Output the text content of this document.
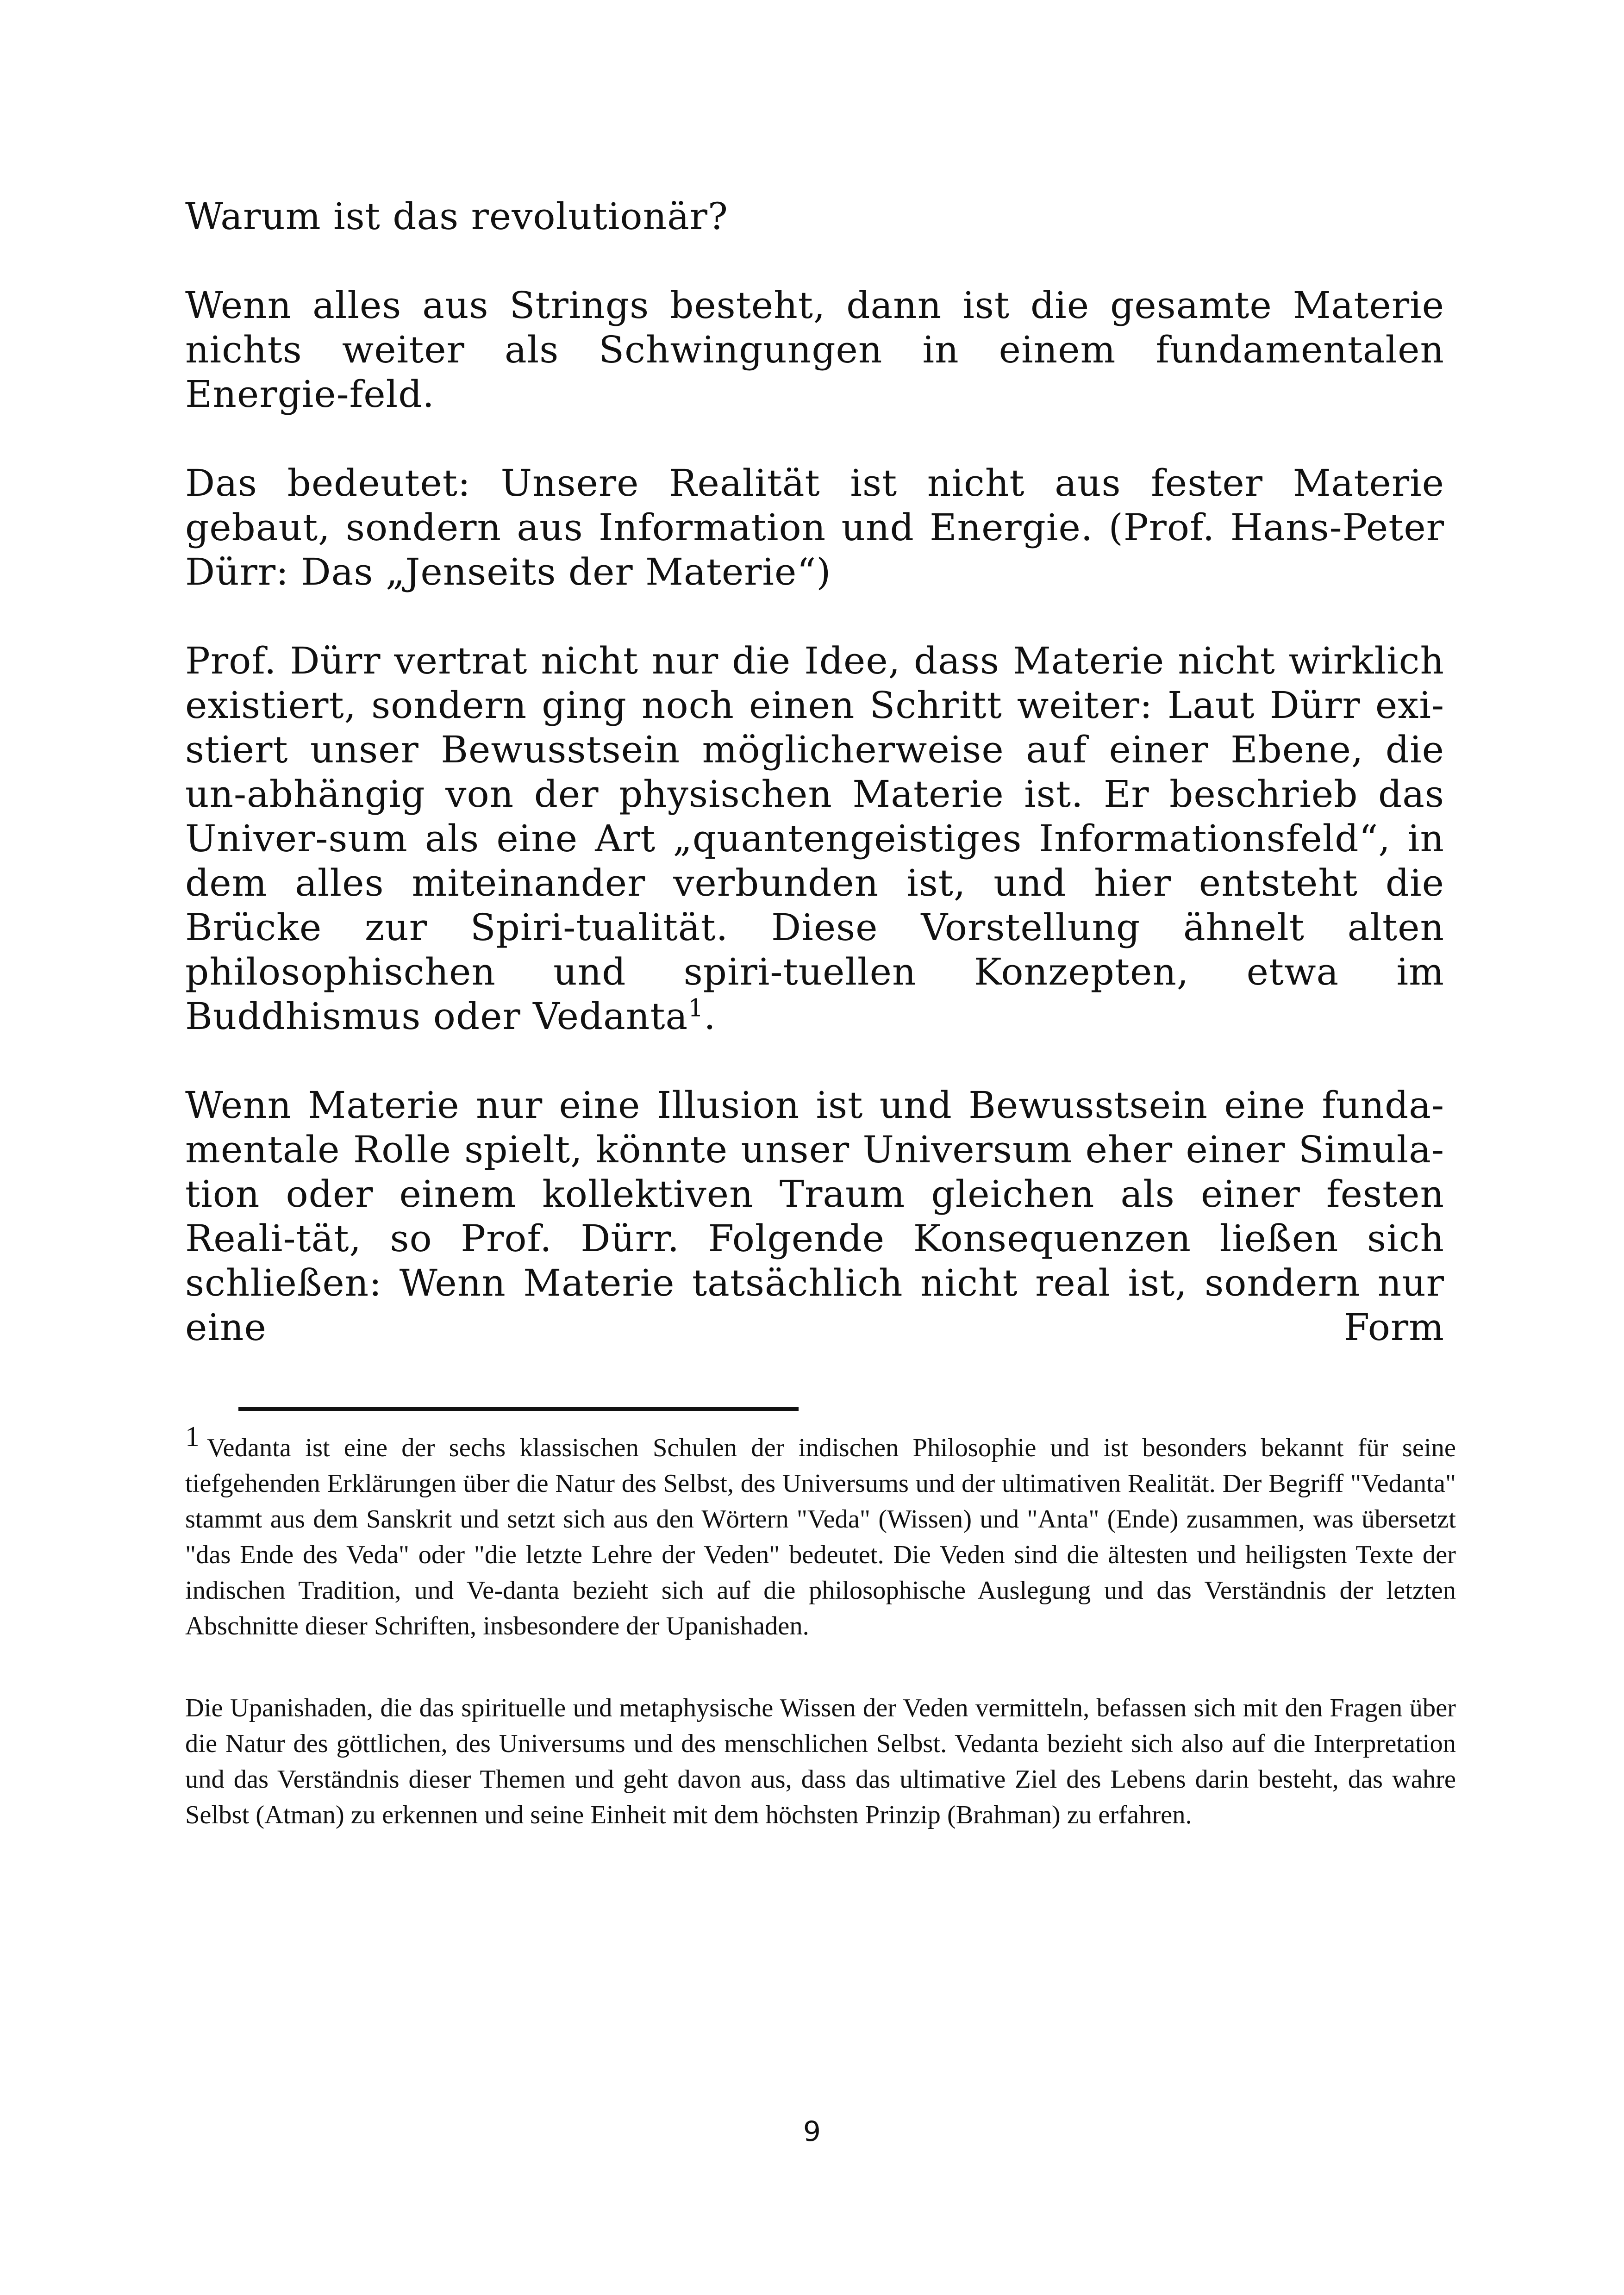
Warum ist das revolutionär?

Wenn alles aus Strings besteht, dann ist die gesamte Materie nichts weiter als Schwingungen in einem fundamentalen Energie-feld.

Das bedeutet: Unsere Realität ist nicht aus fester Materie gebaut, sondern aus Information und Energie. (Prof. Hans-Peter Dürr: Das „Jenseits der Materie“)

Prof. Dürr vertrat nicht nur die Idee, dass Materie nicht wirklich existiert, sondern ging noch einen Schritt weiter: Laut Dürr exi-stiert unser Bewusstsein möglicherweise auf einer Ebene, die un-abhängig von der physischen Materie ist. Er beschrieb das Univer-sum als eine Art „quantengeistiges Informationsfeld“, in dem alles miteinander verbunden ist, und hier entsteht die Brücke zur Spiri-tualität. Diese Vorstellung ähnelt alten philosophischen und spiri-tuellen Konzepten, etwa im Buddhismus oder Vedanta$^1$.

Wenn Materie nur eine Illusion ist und Bewusstsein eine funda-mentale Rolle spielt, könnte unser Universum eher einer Simula-tion oder einem kollektiven Traum gleichen als einer festen Reali-tät, so Prof. Dürr. Folgende Konsequenzen ließen sich schließen: Wenn Materie tatsächlich nicht real ist, sondern nur eine Form

1 Vedanta ist eine der sechs klassischen Schulen der indischen Philosophie und ist besonders bekannt für seine tiefgehenden Erklärungen über die Natur des Selbst, des Universums und der ultimativen Realität. Der Begriff "Vedanta" stammt aus dem Sanskrit und setzt sich aus den Wörtern "Veda" (Wissen) und "Anta" (Ende) zusammen, was übersetzt "das Ende des Veda" oder "die letzte Lehre der Veden" bedeutet. Die Veden sind die ältesten und heiligsten Texte der indischen Tradition, und Ve-danta bezieht sich auf die philosophische Auslegung und das Verständnis der letzten Abschnitte dieser Schriften, insbesondere der Upanishaden.

Die Upanishaden, die das spirituelle und metaphysische Wissen der Veden vermitteln, befassen sich mit den Fragen über die Natur des göttlichen, des Universums und des menschlichen Selbst. Vedanta bezieht sich also auf die Interpretation und das Verständnis dieser Themen und geht davon aus, dass das ultimative Ziel des Lebens darin besteht, das wahre Selbst (Atman) zu erkennen und seine Einheit mit dem höchsten Prinzip (Brahman) zu erfahren.

9
